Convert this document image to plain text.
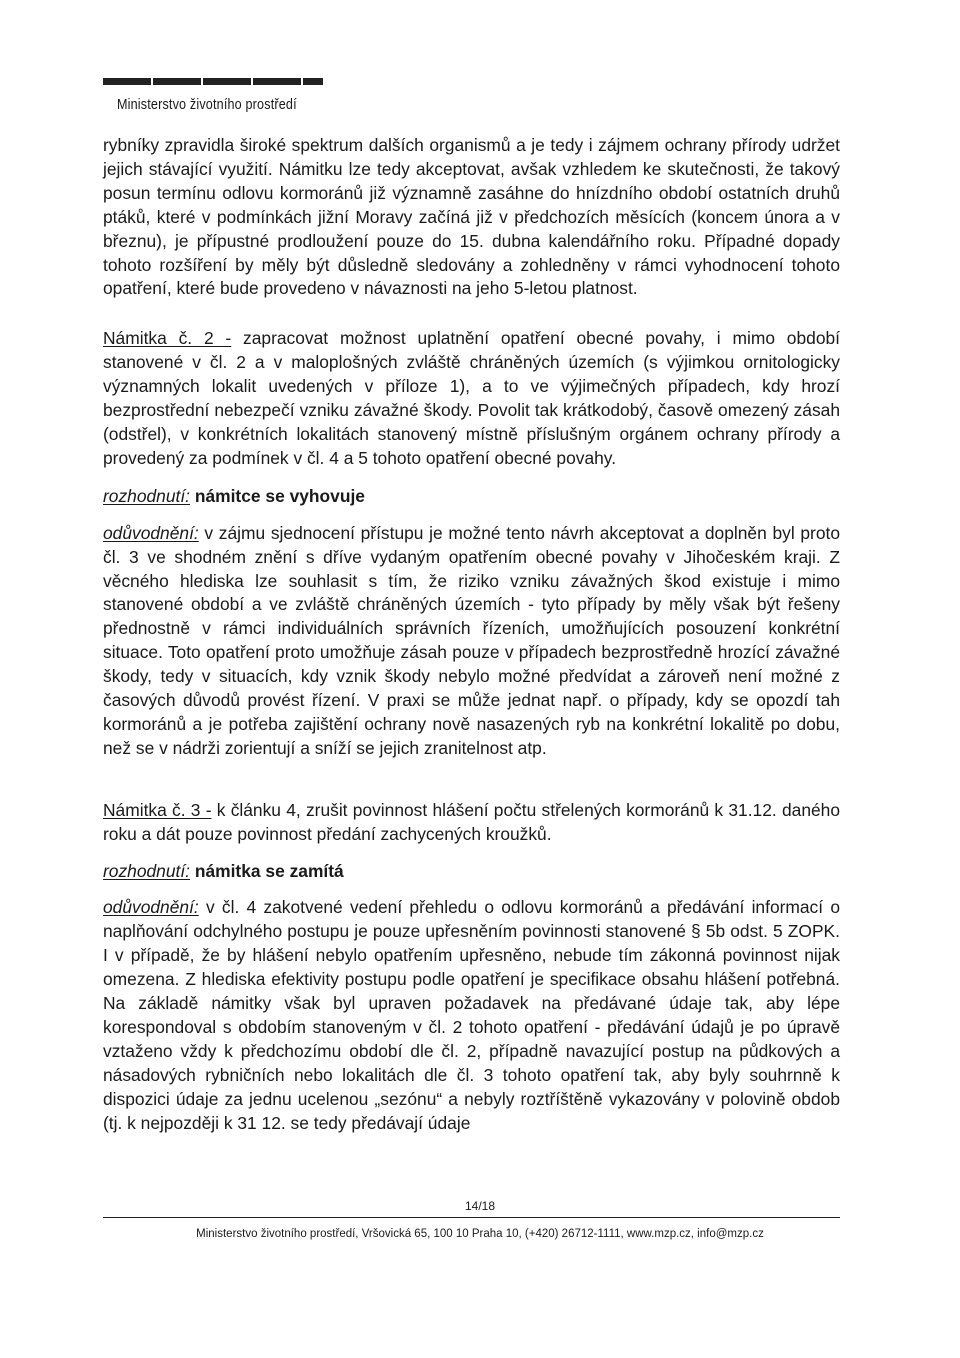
Ministerstvo životního prostředí

rybníky zpravidla široké spektrum dalších organismů a je tedy i zájmem ochrany přírody udržet jejich stávající využití. Námitku lze tedy akceptovat, avšak vzhledem ke skutečnosti, že takový posun termínu odlovu kormoránů již významně zasáhne do hnízdního období ostatních druhů ptáků, které v podmínkách jižní Moravy začíná již v předchozích měsících (koncem února a v březnu), je přípustné prodloužení pouze do 15. dubna kalendářního roku. Případné dopady tohoto rozšíření by měly být důsledně sledovány a zohledněny v rámci vyhodnocení tohoto opatření, které bude provedeno v návaznosti na jeho 5-letou platnost.

Námitka č. 2 - zapracovat možnost uplatnění opatření obecné povahy, i mimo období stanovené v čl. 2 a v maloplošných zvláště chráněných územích (s výjimkou ornitologicky významných lokalit uvedených v příloze 1), a to ve výjimečných případech, kdy hrozí bezprostřední nebezpečí vzniku závažné škody. Povolit tak krátkodobý, časově omezený zásah (odstřel), v konkrétních lokalitách stanovený místně příslušným orgánem ochrany přírody a provedený za podmínek v čl. 4 a 5 tohoto opatření obecné povahy.

rozhodnutí: námitce se vyhovuje

odůvodnění: v zájmu sjednocení přístupu je možné tento návrh akceptovat a doplněn byl proto čl. 3 ve shodném znění s dříve vydaným opatřením obecné povahy v Jihočeském kraji. Z věcného hlediska lze souhlasit s tím, že riziko vzniku závažných škod existuje i mimo stanovené období a ve zvláště chráněných územích - tyto případy by měly však být řešeny přednostně v rámci individuálních správních řízeních, umožňujících posouzení konkrétní situace. Toto opatření proto umožňuje zásah pouze v případech bezprostředně hrozící závažné škody, tedy v situacích, kdy vznik škody nebylo možné předvídat a zároveň není možné z časových důvodů provést řízení. V praxi se může jednat např. o případy, kdy se opozdí tah kormoránů a je potřeba zajištění ochrany nově nasazených ryb na konkrétní lokalitě po dobu, než se v nádrži zorientují a sníží se jejich zranitelnost atp.

Námitka č. 3 - k článku 4, zrušit povinnost hlášení počtu střelených kormoránů k 31.12. daného roku a dát pouze povinnost předání zachycených kroužků.

rozhodnutí: námitka se zamítá

odůvodnění: v čl. 4 zakotvené vedení přehledu o odlovu kormoránů a předávání informací o naplňování odchylného postupu je pouze upřesněním povinnosti stanovené § 5b odst. 5 ZOPK. I v případě, že by hlášení nebylo opatřením upřesněno, nebude tím zákonná povinnost nijak omezena. Z hlediska efektivity postupu podle opatření je specifikace obsahu hlášení potřebná. Na základě námitky však byl upraven požadavek na předávané údaje tak, aby lépe korespondoval s obdobím stanoveným v čl. 2 tohoto opatření - předávání údajů je po úpravě vztaženo vždy k předchozímu období dle čl. 2, případně navazující postup na půdkových a násadových rybničních nebo lokalitách dle čl. 3 tohoto opatření tak, aby byly souhrnně k dispozici údaje za jednu ucelenou „sezónu“ a nebyly roztříštěně vykazovány v polovině obdob (tj. k nejpozději k 31 12. se tedy předávají údaje

14/18
Ministerstvo životního prostředí, Vršovická 65, 100 10 Praha 10, (+420) 26712-1111, www.mzp.cz, info@mzp.cz
